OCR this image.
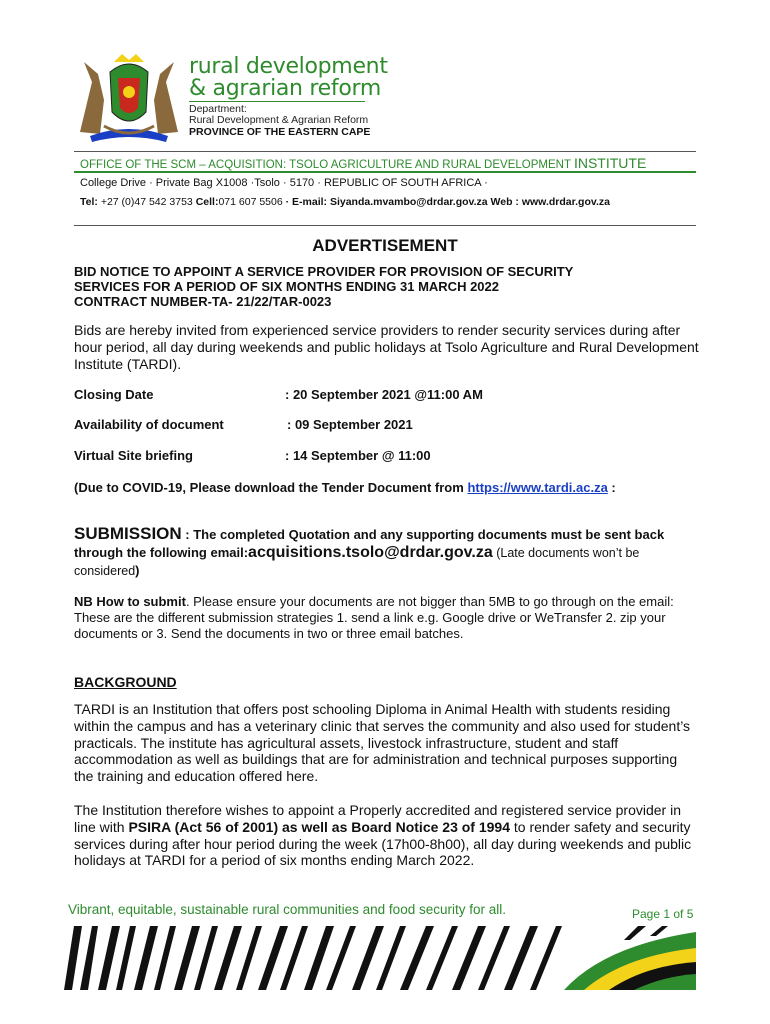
rural development
& agrarian reform
Department:
Rural Development & Agrarian Reform
PROVINCE OF THE EASTERN CAPE
OFFICE OF THE SCM – ACQUISITION: TSOLO AGRICULTURE AND RURAL DEVELOPMENT INSTITUTE
College Drive · Private Bag X1008 ·Tsolo · 5170 · REPUBLIC OF SOUTH AFRICA ·
Tel: +27 (0)47 542 3753 Cell:071 607 5506 · E-mail: Siyanda.mvambo@drdar.gov.za Web : www.drdar.gov.za
ADVERTISEMENT
BID NOTICE TO APPOINT A SERVICE PROVIDER FOR PROVISION OF SECURITY
SERVICES FOR A PERIOD OF SIX MONTHS ENDING 31 MARCH 2022
CONTRACT NUMBER-TA- 21/22/TAR-0023
Bids are hereby invited from experienced service providers to render security services during after hour period, all day during weekends and public holidays at Tsolo Agriculture and Rural Development Institute (TARDI).
Closing Date	: 20 September 2021 @11:00 AM
Availability of document	: 09 September 2021
Virtual Site briefing	: 14 September @ 11:00
(Due to COVID-19, Please download the Tender Document from https://www.tardi.ac.za :
SUBMISSION : The completed Quotation and any supporting documents must be sent back through the following email:acquisitions.tsolo@drdar.gov.za (Late documents won’t be considered)
NB How to submit. Please ensure your documents are not bigger than 5MB to go through on the email: These are the different submission strategies 1. send a link e.g. Google drive or WeTransfer 2. zip your documents or 3. Send the documents in two or three email batches.
BACKGROUND
TARDI is an Institution that offers post schooling Diploma in Animal Health with students residing within the campus and has a veterinary clinic that serves the community and also used for student’s practicals. The institute has agricultural assets, livestock infrastructure, student and staff accommodation as well as buildings that are for administration and technical purposes supporting the training and education offered here.
The Institution therefore wishes to appoint a Properly accredited and registered service provider in line with PSIRA (Act 56 of 2001) as well as Board Notice 23 of 1994 to render safety and security services during after hour period during the week (17h00-8h00), all day during weekends and public holidays at TARDI for a period of six months ending March 2022.
Vibrant, equitable, sustainable rural communities and food security for all.	Page 1 of 5
